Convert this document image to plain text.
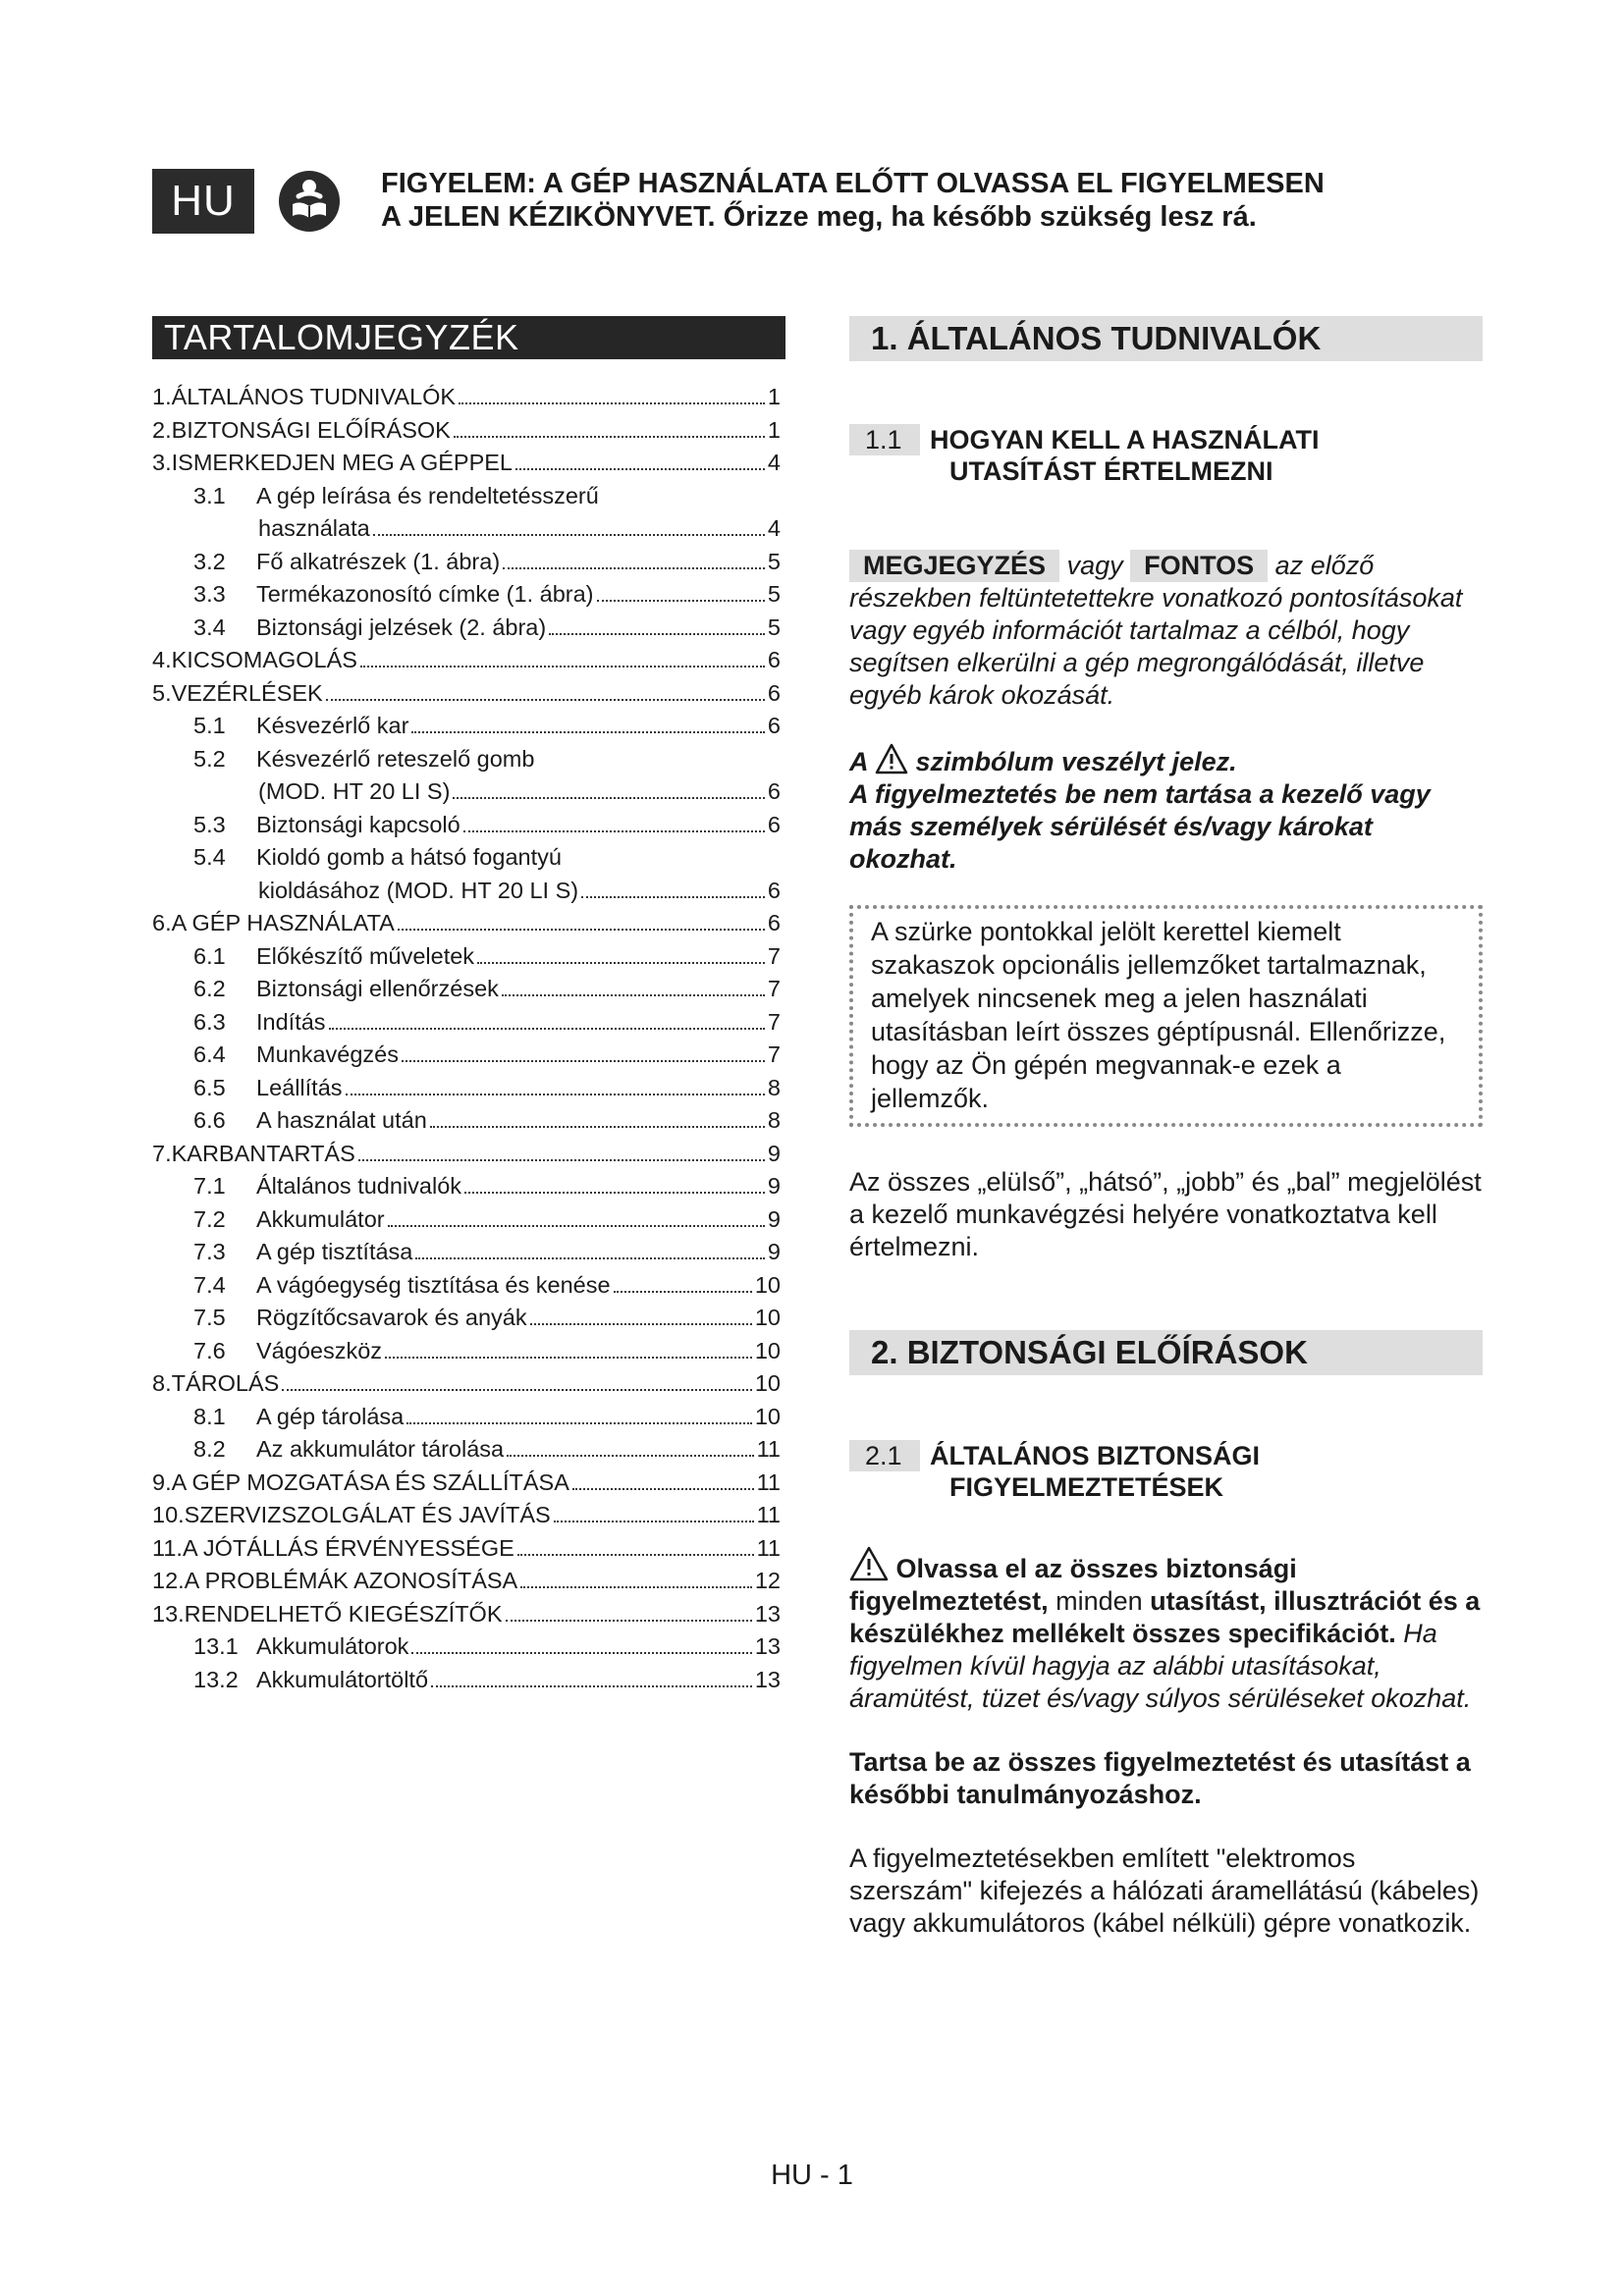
HU	FIGYELEM: A GÉP HASZNÁLATA ELŐTT OLVASSA EL FIGYELMESEN
A JELEN KÉZIKÖNYVET. Őrizze meg, ha később szükség lesz rá.
TARTALOMJEGYZÉK
1. ÁLTALÁNOS TUDNIVALÓK	1
2. BIZTONSÁGI ELŐÍRÁSOK	1
3. ISMERKEDJEN MEG A GÉPPEL	4
3.1	A gép leírása és rendeltetésszerű
használata	4
3.2	Fő alkatrészek (1. ábra)	5
3.3	Termékazonosító címke (1. ábra)	5
3.4	Biztonsági jelzések (2. ábra)	5
4. KICSOMAGOLÁS	6
5. VEZÉRLÉSEK	6
5.1	Késvezérlő kar	6
5.2	Késvezérlő reteszelő gomb
(MOD. HT 20 LI S)	6
5.3	Biztonsági kapcsoló	6
5.4	Kioldó gomb a hátsó fogantyú
kioldásához (MOD. HT 20 LI S)	6
6. A GÉP HASZNÁLATA	6
6.1	Előkészítő műveletek	7
6.2	Biztonsági ellenőrzések	7
6.3	Indítás	7
6.4	Munkavégzés	7
6.5	Leállítás	8
6.6	A használat után	8
7. KARBANTARTÁS	9
7.1	Általános tudnivalók	9
7.2	Akkumulátor	9
7.3	A gép tisztítása	9
7.4	A vágóegység tisztítása és kenése	10
7.5	Rögzítőcsavarok és anyák	10
7.6	Vágóeszköz	10
8. TÁROLÁS	10
8.1	A gép tárolása	10
8.2	Az akkumulátor tárolása	11
9. A GÉP MOZGATÁSA ÉS SZÁLLÍTÁSA	11
10. SZERVIZSZOLGÁLAT ÉS JAVÍTÁS	11
11. A JÓTÁLLÁS ÉRVÉNYESSÉGE	11
12. A PROBLÉMÁK AZONOSÍTÁSA	12
13. RENDELHETŐ KIEGÉSZÍTŐK	13
13.1 Akkumulátorok	13
13.2 Akkumulátortöltő	13
1. ÁLTALÁNOS TUDNIVALÓK
1.1	HOGYAN KELL A HASZNÁLATI
UTASÍTÁST ÉRTELMEZNI
MEGJEGYZÉS vagy FONTOS az előző részekben feltüntetettekre vonatkozó pontosításokat vagy egyéb információt tartalmaz a célból, hogy segítsen elkerülni a gép megrongálódását, illetve egyéb károk okozását.
A szimbólum veszélyt jelez.
A figyelmeztetés be nem tartása a kezelő vagy más személyek sérülését és/vagy károkat okozhat.
A szürke pontokkal jelölt kerettel kiemelt szakaszok opcionális jellemzőket tartalmaznak, amelyek nincsenek meg a jelen használati utasításban leírt összes géptípusnál. Ellenőrizze, hogy az Ön gépén megvannak-e ezek a jellemzők.
Az összes „elülső”, „hátsó”, „jobb” és „bal” megjelölést a kezelő munkavégzési helyére vonatkoztatva kell értelmezni.
2. BIZTONSÁGI ELŐÍRÁSOK
2.1	ÁLTALÁNOS BIZTONSÁGI
FIGYELMEZTETÉSEK
Olvassa el az összes biztonsági figyelmeztetést, minden utasítást, illusztrációt és a készülékhez mellékelt összes specifikációt. Ha figyelmen kívül hagyja az alábbi utasításokat, áramütést, tüzet és/vagy súlyos sérüléseket okozhat.
Tartsa be az összes figyelmeztetést és utasítást a későbbi tanulmányozáshoz.
A figyelmeztetésekben említett "elektromos szerszám" kifejezés a hálózati áramellátású (kábeles) vagy akkumulátoros (kábel nélküli) gépre vonatkozik.
HU - 1
